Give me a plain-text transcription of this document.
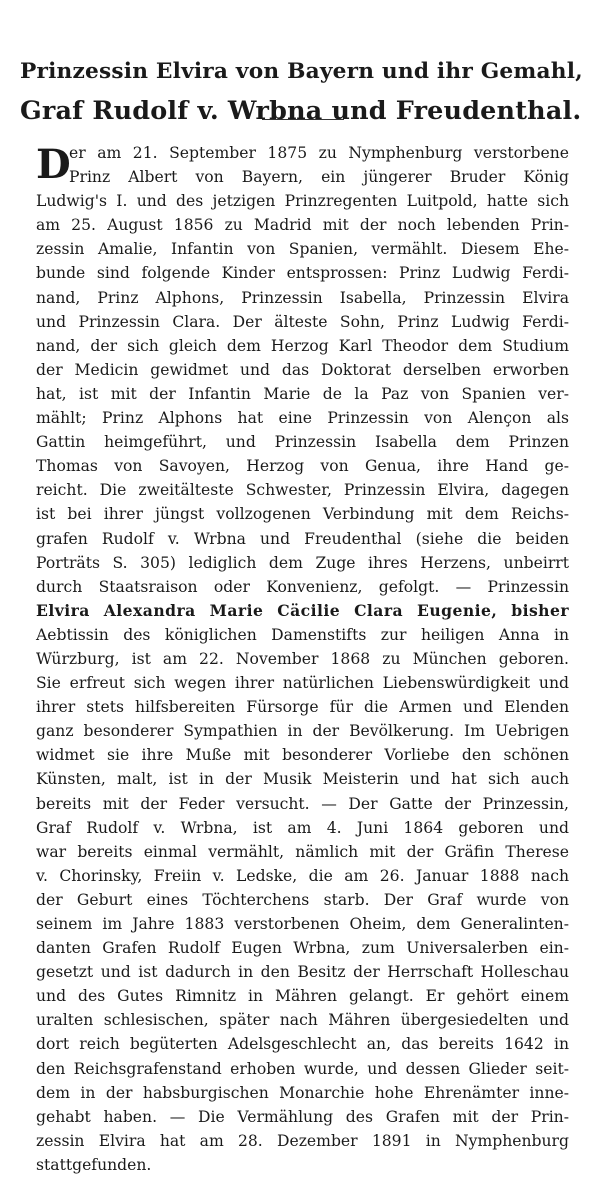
Prinzessin Elvira von Bayern und ihr Gemahl,
Graf Rudolf v. Wrbna und Freudenthal.
D
er am 21. September 1875 zu Nymphenburg verstorbene
Prinz Albert von Bayern, ein jüngerer Bruder König
Ludwig's I. und des jetzigen Prinzregenten Luitpold, hatte sich
am 25. August 1856 zu Madrid mit der noch lebenden Prin-
zessin Amalie, Infantin von Spanien, vermählt. Diesem Ehe-
bunde sind folgende Kinder entsprossen: Prinz Ludwig Ferdi-
nand, Prinz Alphons, Prinzessin Isabella, Prinzessin Elvira
und Prinzessin Clara. Der älteste Sohn, Prinz Ludwig Ferdi-
nand, der sich gleich dem Herzog Karl Theodor dem Studium
der Medicin gewidmet und das Doktorat derselben erworben
hat, ist mit der Infantin Marie de la Paz von Spanien ver-
mählt; Prinz Alphons hat eine Prinzessin von Alençon als
Gattin heimgeführt, und Prinzessin Isabella dem Prinzen
Thomas von Savoyen, Herzog von Genua, ihre Hand ge-
reicht. Die zweitälteste Schwester, Prinzessin Elvira, dagegen
ist bei ihrer jüngst vollzogenen Verbindung mit dem Reichs-
grafen Rudolf v. Wrbna und Freudenthal (siehe die beiden
Porträts S. 305) lediglich dem Zuge ihres Herzens, unbeirrt
durch Staatsraison oder Konvenienz, gefolgt. — Prinzessin
Elvira Alexandra Marie Cäcilie Clara Eugenie, bisher
Aebtissin des königlichen Damenstifts zur heiligen Anna in
Würzburg, ist am 22. November 1868 zu München geboren.
Sie erfreut sich wegen ihrer natürlichen Liebenswürdigkeit und
ihrer stets hilfsbereiten Fürsorge für die Armen und Elenden
ganz besonderer Sympathien in der Bevölkerung. Im Uebrigen
widmet sie ihre Muße mit besonderer Vorliebe den schönen
Künsten, malt, ist in der Musik Meisterin und hat sich auch
bereits mit der Feder versucht. — Der Gatte der Prinzessin,
Graf Rudolf v. Wrbna, ist am 4. Juni 1864 geboren und
war bereits einmal vermählt, nämlich mit der Gräfin Therese
v. Chorinsky, Freiin v. Ledske, die am 26. Januar 1888 nach
der Geburt eines Töchterchens starb. Der Graf wurde von
seinem im Jahre 1883 verstorbenen Oheim, dem Generalinten-
danten Grafen Rudolf Eugen Wrbna, zum Universalerben ein-
gesetzt und ist dadurch in den Besitz der Herrschaft Holleschau
und des Gutes Rimnitz in Mähren gelangt. Er gehört einem
uralten schlesischen, später nach Mähren übergesiedelten und
dort reich begüterten Adelsgeschlecht an, das bereits 1642 in
den Reichsgrafenstand erhoben wurde, und dessen Glieder seit-
dem in der habsburgischen Monarchie hohe Ehrenämter inne-
gehabt haben. — Die Vermählung des Grafen mit der Prin-
zessin Elvira hat am 28. Dezember 1891 in Nymphenburg
stattgefunden.
